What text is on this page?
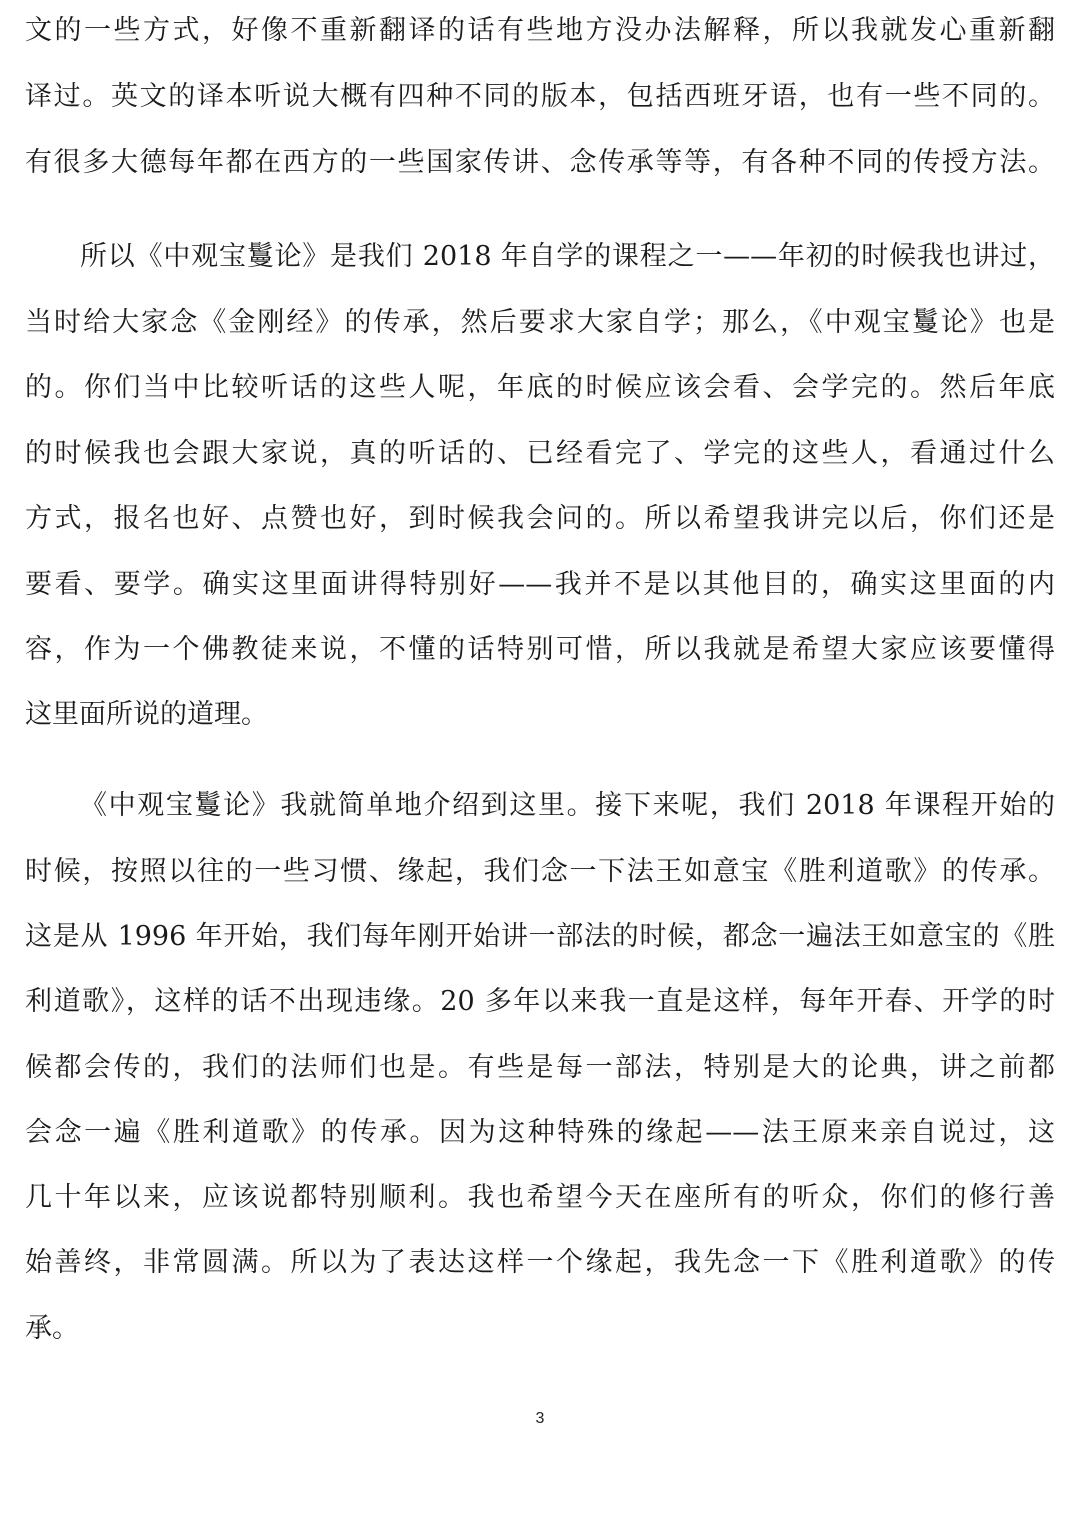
文的一些方式，好像不重新翻译的话有些地方没办法解释，所以我就发心重新翻
译过。英文的译本听说大概有四种不同的版本，包括西班牙语，也有一些不同的。
有很多大德每年都在西方的一些国家传讲、念传承等等，有各种不同的传授方法。
所以《中观宝鬘论》是我们 2018 年自学的课程之一——年初的时候我也讲过，
当时给大家念《金刚经》的传承，然后要求大家自学；那么，《中观宝鬘论》也是
的。你们当中比较听话的这些人呢，年底的时候应该会看、会学完的。然后年底
的时候我也会跟大家说，真的听话的、已经看完了、学完的这些人，看通过什么
方式，报名也好、点赞也好，到时候我会问的。所以希望我讲完以后，你们还是
要看、要学。确实这里面讲得特别好——我并不是以其他目的，确实这里面的内
容，作为一个佛教徒来说，不懂的话特别可惜，所以我就是希望大家应该要懂得
这里面所说的道理。
《中观宝鬘论》我就简单地介绍到这里。接下来呢，我们 2018 年课程开始的
时候，按照以往的一些习惯、缘起，我们念一下法王如意宝《胜利道歌》的传承。
这是从 1996 年开始，我们每年刚开始讲一部法的时候，都念一遍法王如意宝的《胜
利道歌》，这样的话不出现违缘。20 多年以来我一直是这样，每年开春、开学的时
候都会传的，我们的法师们也是。有些是每一部法，特别是大的论典，讲之前都
会念一遍《胜利道歌》的传承。因为这种特殊的缘起——法王原来亲自说过，这
几十年以来，应该说都特别顺利。我也希望今天在座所有的听众，你们的修行善
始善终，非常圆满。所以为了表达这样一个缘起，我先念一下《胜利道歌》的传
承。
3
